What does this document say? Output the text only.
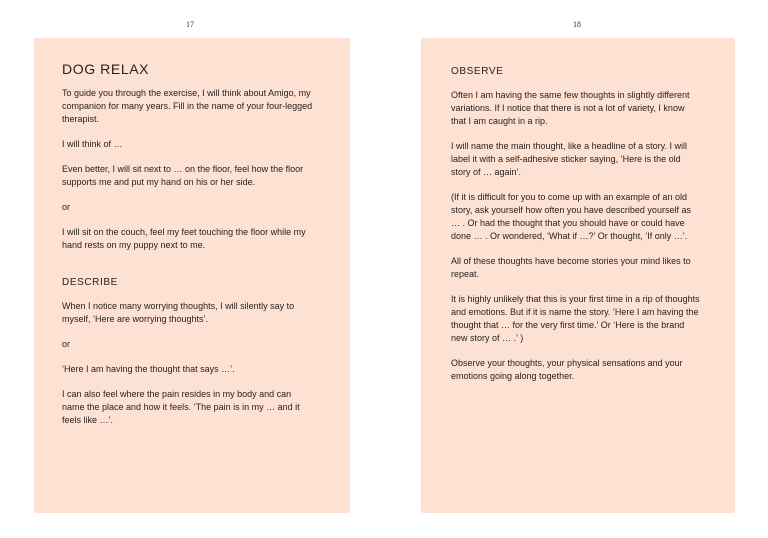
17
DOG RELAX

To guide you through the exercise, I will think about Amigo, my companion for many years. Fill in the name of your four-legged therapist.

I will think of …

Even better, I will sit next to … on the floor, feel how the floor supports me and put my hand on his or her side.

or

I will sit on the couch, feel my feet touching the floor while my hand rests on my puppy next to me.

DESCRIBE

When I notice many worrying thoughts, I will silently say to myself, ‘Here are worrying thoughts’.

or

‘Here I am having the thought that says …’.

I can also feel where the pain resides in my body and can name the place and how it feels. ‘The pain is in my … and it feels like …’.

18
OBSERVE

Often I am having the same few thoughts in slightly different variations. If I notice that there is not a lot of variety, I know that I am caught in a rip.

I will name the main thought, like a headline of a story. I will label it with a self-adhesive sticker saying, ‘Here is the old story of … again’.

(If it is difficult for you to come up with an example of an old story, ask yourself how often you have described yourself as … . Or had the thought that you should have or could have done … . Or wondered, ‘What if …?’ Or thought, ‘If only …’.

All of these thoughts have become stories your mind likes to repeat.

It is highly unlikely that this is your first time in a rip of thoughts and emotions. But if it is name the story. ‘Here I am having the thought that … for the very first time.’ Or ‘Here is the brand new story of … .’ )

Observe your thoughts, your physical sensations and your emotions going along together.
